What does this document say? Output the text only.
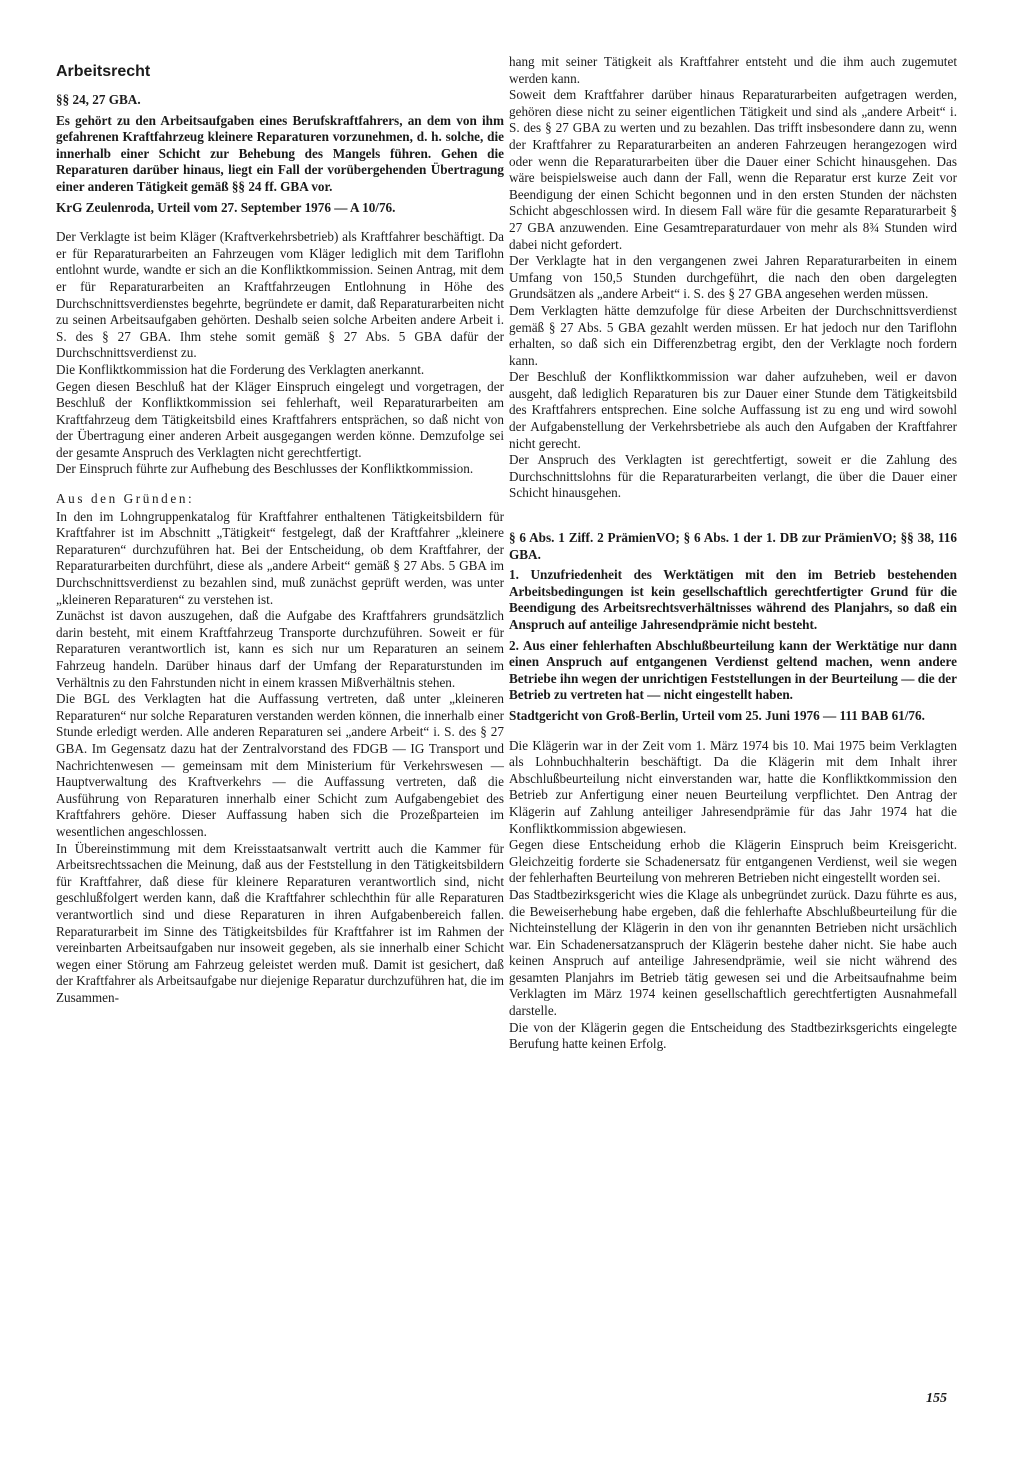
Arbeitsrecht

§§ 24, 27 GBA.

Es gehört zu den Arbeitsaufgaben eines Berufskraftfahrers, an dem von ihm gefahrenen Kraftfahrzeug kleinere Reparaturen vorzunehmen, d. h. solche, die innerhalb einer Schicht zur Behebung des Mangels führen. Gehen die Reparaturen darüber hinaus, liegt ein Fall der vorübergehenden Übertragung einer anderen Tätigkeit gemäß §§ 24 ff. GBA vor.

KrG Zeulenroda, Urteil vom 27. September 1976 — A 10/76.

Der Verklagte ist beim Kläger (Kraftverkehrsbetrieb) als Kraftfahrer beschäftigt. Da er für Reparaturarbeiten an Fahrzeugen vom Kläger lediglich mit dem Tariflohn entlohnt wurde, wandte er sich an die Konfliktkommission. Seinen Antrag, mit dem er für Reparaturarbeiten an Kraftfahrzeugen Entlohnung in Höhe des Durchschnittsverdienstes begehrte, begründete er damit, daß Reparaturarbeiten nicht zu seinen Arbeitsaufgaben gehörten. Deshalb seien solche Arbeiten andere Arbeit i. S. des § 27 GBA. Ihm stehe somit gemäß § 27 Abs. 5 GBA dafür der Durchschnittsverdienst zu.

Die Konfliktkommission hat die Forderung des Verklagten anerkannt.

Gegen diesen Beschluß hat der Kläger Einspruch eingelegt und vorgetragen, der Beschluß der Konfliktkommission sei fehlerhaft, weil Reparaturarbeiten am Kraftfahrzeug dem Tätigkeitsbild eines Kraftfahrers entsprächen, so daß nicht von der Übertragung einer anderen Arbeit ausgegangen werden könne. Demzufolge sei der gesamte Anspruch des Verklagten nicht gerechtfertigt.

Der Einspruch führte zur Aufhebung des Beschlusses der Konfliktkommission.

Aus den Gründen:

In den im Lohngruppenkatalog für Kraftfahrer enthaltenen Tätigkeitsbildern für Kraftfahrer ist im Abschnitt „Tätigkeit“ festgelegt, daß der Kraftfahrer „kleinere Reparaturen“ durchzuführen hat. Bei der Entscheidung, ob dem Kraftfahrer, der Reparaturarbeiten durchführt, diese als „andere Arbeit“ gemäß § 27 Abs. 5 GBA im Durchschnittsverdienst zu bezahlen sind, muß zunächst geprüft werden, was unter „kleineren Reparaturen“ zu verstehen ist.

Zunächst ist davon auszugehen, daß die Aufgabe des Kraftfahrers grundsätzlich darin besteht, mit einem Kraftfahrzeug Transporte durchzuführen. Soweit er für Reparaturen verantwortlich ist, kann es sich nur um Reparaturen an seinem Fahrzeug handeln. Darüber hinaus darf der Umfang der Reparaturstunden im Verhältnis zu den Fahrstunden nicht in einem krassen Mißverhältnis stehen.

Die BGL des Verklagten hat die Auffassung vertreten, daß unter „kleineren Reparaturen“ nur solche Reparaturen verstanden werden können, die innerhalb einer Stunde erledigt werden. Alle anderen Reparaturen sei „andere Arbeit“ i. S. des § 27 GBA. Im Gegensatz dazu hat der Zentralvorstand des FDGB — IG Transport und Nachrichtenwesen — gemeinsam mit dem Ministerium für Verkehrswesen — Hauptverwaltung des Kraftverkehrs — die Auffassung vertreten, daß die Ausführung von Reparaturen innerhalb einer Schicht zum Aufgabengebiet des Kraftfahrers gehöre. Dieser Auffassung haben sich die Prozeßparteien im wesentlichen angeschlossen.

In Übereinstimmung mit dem Kreisstaatsanwalt vertritt auch die Kammer für Arbeitsrechtssachen die Meinung, daß aus der Feststellung in den Tätigkeitsbildern für Kraftfahrer, daß diese für kleinere Reparaturen verantwortlich sind, nicht geschlußfolgert werden kann, daß die Kraftfahrer schlechthin für alle Reparaturen verantwortlich sind und diese Reparaturen in ihren Aufgabenbereich fallen. Reparaturarbeit im Sinne des Tätigkeitsbildes für Kraftfahrer ist im Rahmen der vereinbarten Arbeitsaufgaben nur insoweit gegeben, als sie innerhalb einer Schicht wegen einer Störung am Fahrzeug geleistet werden muß. Damit ist gesichert, daß der Kraftfahrer als Arbeitsaufgabe nur diejenige Reparatur durchzuführen hat, die im Zusammen-

hang mit seiner Tätigkeit als Kraftfahrer entsteht und die ihm auch zugemutet werden kann.

Soweit dem Kraftfahrer darüber hinaus Reparaturarbeiten aufgetragen werden, gehören diese nicht zu seiner eigentlichen Tätigkeit und sind als „andere Arbeit“ i. S. des § 27 GBA zu werten und zu bezahlen. Das trifft insbesondere dann zu, wenn der Kraftfahrer zu Reparaturarbeiten an anderen Fahrzeugen herangezogen wird oder wenn die Reparaturarbeiten über die Dauer einer Schicht hinausgehen. Das wäre beispielsweise auch dann der Fall, wenn die Reparatur erst kurze Zeit vor Beendigung der einen Schicht begonnen und in den ersten Stunden der nächsten Schicht abgeschlossen wird. In diesem Fall wäre für die gesamte Reparaturarbeit § 27 GBA anzuwenden. Eine Gesamtreparaturdauer von mehr als 8¾ Stunden wird dabei nicht gefordert.

Der Verklagte hat in den vergangenen zwei Jahren Reparaturarbeiten in einem Umfang von 150,5 Stunden durchgeführt, die nach den oben dargelegten Grundsätzen als „andere Arbeit“ i. S. des § 27 GBA angesehen werden müssen.

Dem Verklagten hätte demzufolge für diese Arbeiten der Durchschnittsverdienst gemäß § 27 Abs. 5 GBA gezahlt werden müssen. Er hat jedoch nur den Tariflohn erhalten, so daß sich ein Differenzbetrag ergibt, den der Verklagte noch fordern kann.

Der Beschluß der Konfliktkommission war daher aufzuheben, weil er davon ausgeht, daß lediglich Reparaturen bis zur Dauer einer Stunde dem Tätigkeitsbild des Kraftfahrers entsprechen. Eine solche Auffassung ist zu eng und wird sowohl der Aufgabenstellung der Verkehrsbetriebe als auch den Aufgaben der Kraftfahrer nicht gerecht.

Der Anspruch des Verklagten ist gerechtfertigt, soweit er die Zahlung des Durchschnittslohns für die Reparaturarbeiten verlangt, die über die Dauer einer Schicht hinausgehen.

§ 6 Abs. 1 Ziff. 2 PrämienVO; § 6 Abs. 1 der 1. DB zur PrämienVO; §§ 38, 116 GBA.

1. Unzufriedenheit des Werktätigen mit den im Betrieb bestehenden Arbeitsbedingungen ist kein gesellschaftlich gerechtfertigter Grund für die Beendigung des Arbeitsrechtsverhältnisses während des Planjahrs, so daß ein Anspruch auf anteilige Jahresendprämie nicht besteht.

2. Aus einer fehlerhaften Abschlußbeurteilung kann der Werktätige nur dann einen Anspruch auf entgangenen Verdienst geltend machen, wenn andere Betriebe ihn wegen der unrichtigen Feststellungen in der Beurteilung — die der Betrieb zu vertreten hat — nicht eingestellt haben.

Stadtgericht von Groß-Berlin, Urteil vom 25. Juni 1976 — 111 BAB 61/76.

Die Klägerin war in der Zeit vom 1. März 1974 bis 10. Mai 1975 beim Verklagten als Lohnbuchhalterin beschäftigt. Da die Klägerin mit dem Inhalt ihrer Abschlußbeurteilung nicht einverstanden war, hatte die Konfliktkommission den Betrieb zur Anfertigung einer neuen Beurteilung verpflichtet. Den Antrag der Klägerin auf Zahlung anteiliger Jahresendprämie für das Jahr 1974 hat die Konfliktkommission abgewiesen.

Gegen diese Entscheidung erhob die Klägerin Einspruch beim Kreisgericht. Gleichzeitig forderte sie Schadenersatz für entgangenen Verdienst, weil sie wegen der fehlerhaften Beurteilung von mehreren Betrieben nicht eingestellt worden sei.

Das Stadtbezirksgericht wies die Klage als unbegründet zurück. Dazu führte es aus, die Beweiserhebung habe ergeben, daß die fehlerhafte Abschlußbeurteilung für die Nichteinstellung der Klägerin in den von ihr genannten Betrieben nicht ursächlich war. Ein Schadenersatzanspruch der Klägerin bestehe daher nicht. Sie habe auch keinen Anspruch auf anteilige Jahresendprämie, weil sie nicht während des gesamten Planjahrs im Betrieb tätig gewesen sei und die Arbeitsaufnahme beim Verklagten im März 1974 keinen gesellschaftlich gerechtfertigten Ausnahmefall darstelle.

Die von der Klägerin gegen die Entscheidung des Stadtbezirksgerichts eingelegte Berufung hatte keinen Erfolg.

155
